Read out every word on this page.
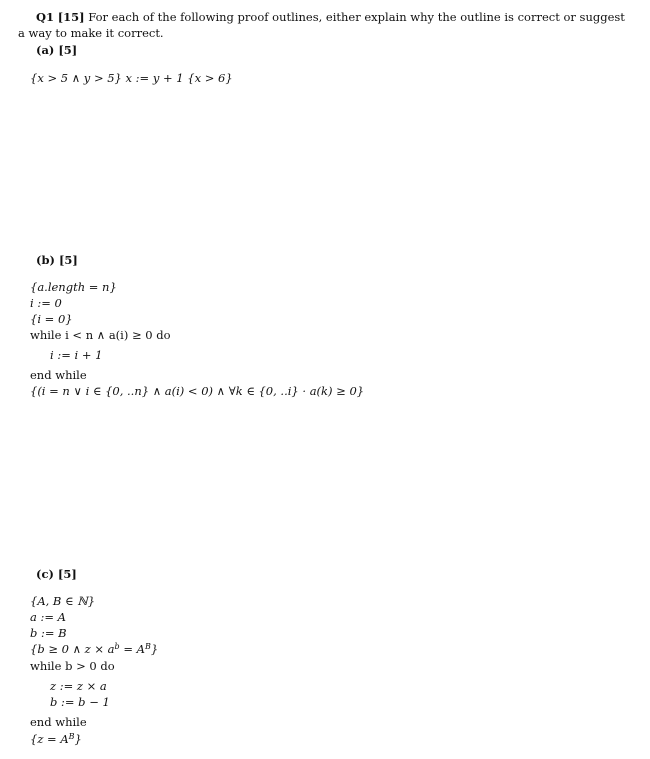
Q1 [15] For each of the following proof outlines, either explain why the outline is correct or suggest
a way to make it correct.
(a) [5]
{x > 5 ∧ y > 5} x := y + 1 {x > 6}
(b) [5]
{a.length = n}
i := 0
{i = 0}
while i < n ∧ a(i) ≥ 0 do
i := i + 1
end while
{(i = n ∨ i ∈ {0, ..n} ∧ a(i) < 0) ∧ ∀k ∈ {0, ..i} · a(k) ≥ 0}
(c) [5]
{A, B ∈ ℕ}
a := A
b := B
{b ≥ 0 ∧ $z \times a^b = A^B$}
while b > 0 do
z := z × a
b := b − 1
end while
$\{z = A^B\}$
